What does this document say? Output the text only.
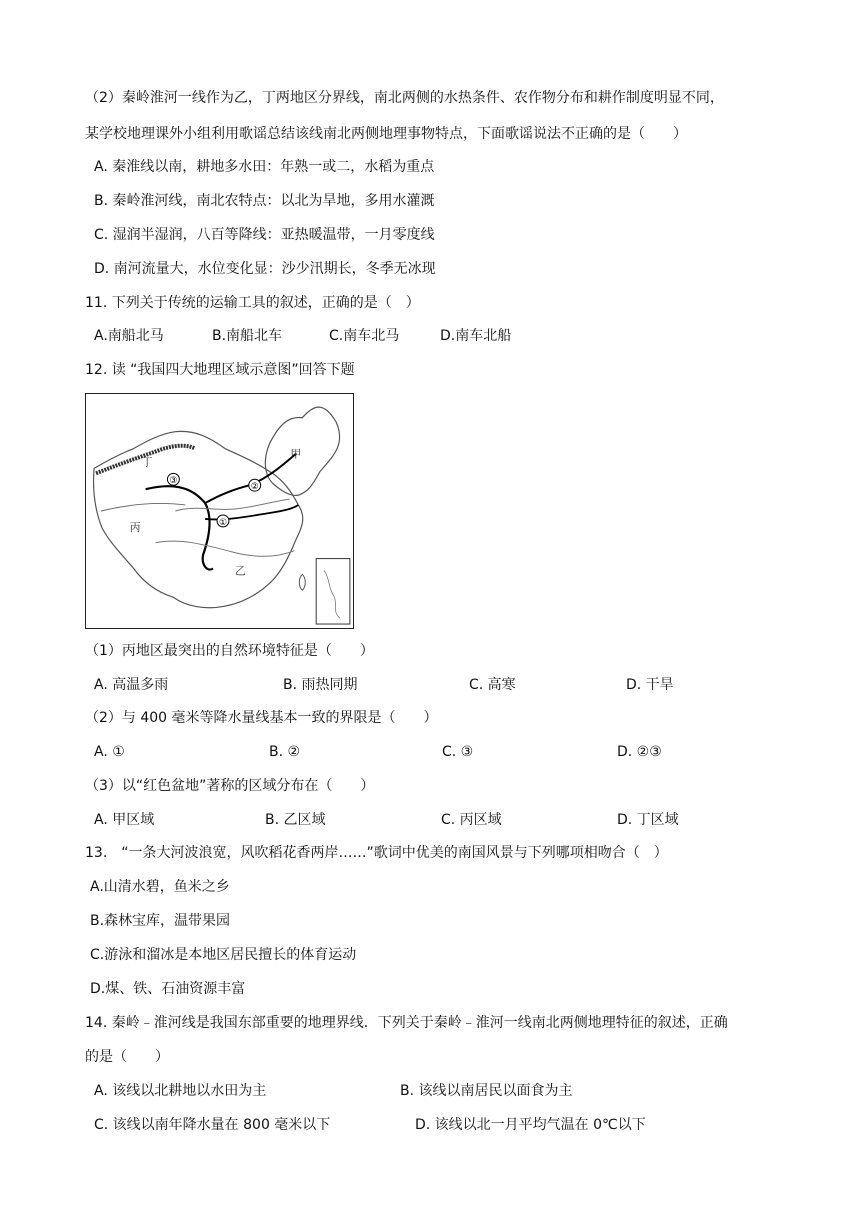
（2）秦岭淮河一线作为乙，丁两地区分界线，南北两侧的水热条件、农作物分布和耕作制度明显不同，
某学校地理课外小组利用歌谣总结该线南北两侧地理事物特点，下面歌谣说法不正确的是（　　）
A. 秦淮线以南，耕地多水田：年熟一或二，水稻为重点
B. 秦岭淮河线，南北农特点：以北为旱地，多用水灌溉
C. 湿润半湿润，八百等降线：亚热暖温带，一月零度线
D. 南河流量大，水位变化显：沙少汛期长，冬季无冰现
11. 下列关于传统的运输工具的叙述，正确的是（　）
A.南船北马	B.南船北车	C.南车北马	D.南车北船
12. 读 “我国四大地理区域示意图”回答下题
③
②
①
甲
乙
丙
丁
（1）丙地区最突出的自然环境特征是（　　）
A. 高温多雨	B. 雨热同期	C. 高寒	D. 干旱
（2）与 400 毫米等降水量线基本一致的界限是（　　）
A. ①	B. ②	C. ③	D. ②③
（3）以“红色盆地”著称的区域分布在（　　）
A. 甲区域	B. 乙区域	C. 丙区域	D. 丁区域
13.　“一条大河波浪宽，风吹稻花香两岸……”歌词中优美的南国风景与下列哪项相吻合（　）
A.山清水碧，鱼米之乡
B.森林宝库，温带果园
C.游泳和溜冰是本地区居民擅长的体育运动
D.煤、铁、石油资源丰富
14. 秦岭﹣淮河线是我国东部重要的地理界线．下列关于秦岭﹣淮河一线南北两侧地理特征的叙述，正确
的是（　　）
A. 该线以北耕地以水田为主	B. 该线以南居民以面食为主
C. 该线以南年降水量在 800 毫米以下	D. 该线以北一月平均气温在 0℃以下
